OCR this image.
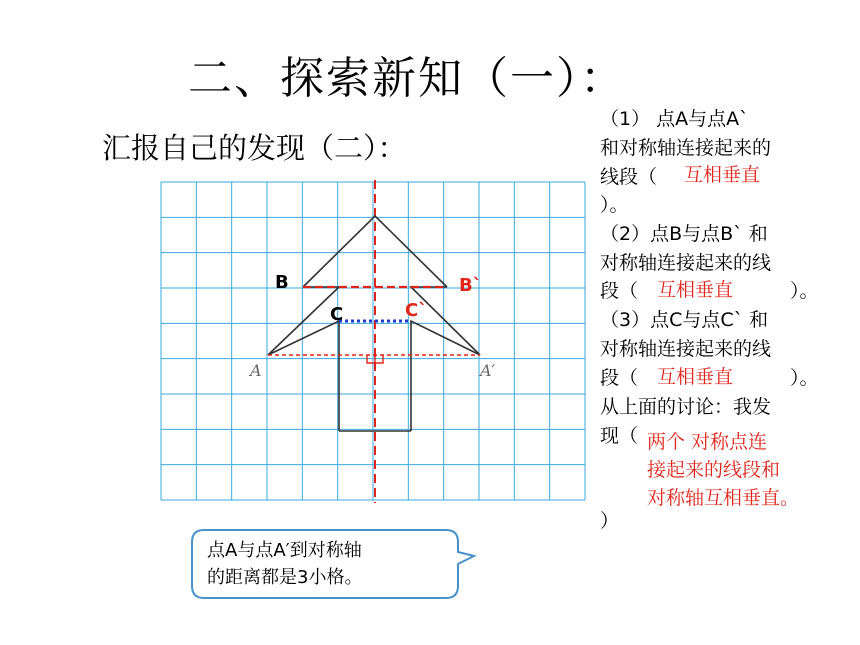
二、探索新知（一）：
汇报自己的发现（二）：
B	B`
C	C`
A	A′
（1） 点A与点A`
和对称轴连接起来的
线段（
）。
（2）点B与点B` 和
对称轴连接起来的线
段（	）。
（3）点C与点C` 和
对称轴连接起来的线
段（	）。
从上面的讨论：我发
现（
）
互相垂直
互相垂直
互相垂直
两个 对称点连
接起来的线段和
对称轴互相垂直。
点A与点A′到对称轴
的距离都是3小格。
